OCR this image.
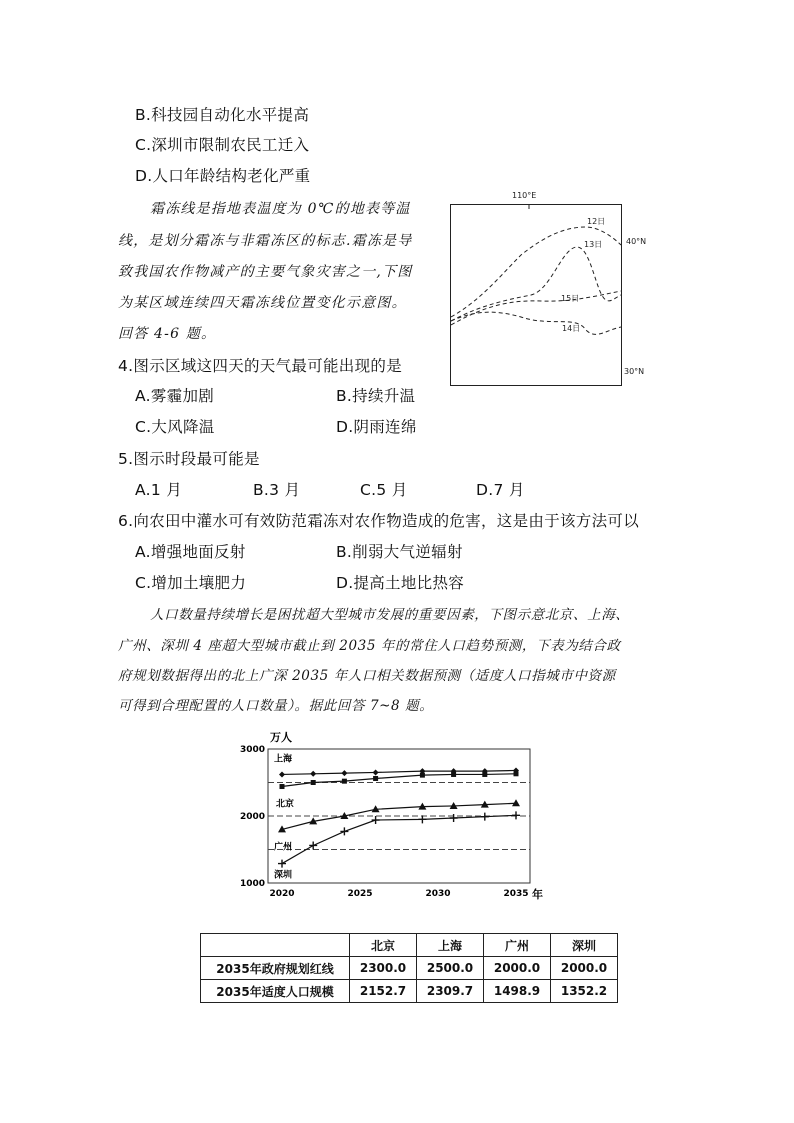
B.科技园自动化水平提高
C.深圳市限制农民工迁入
D.人口年龄结构老化严重
霜冻线是指地表温度为 0℃的地表等温
线，是划分霜冻与非霜冻区的标志.霜冻是导
致我国农作物减产的主要气象灾害之一,下图
为某区域连续四天霜冻线位置变化示意图。
回答 4-6 题。
110°E
12日
13日
15日
14日
40°N
30°N
4.图示区域这四天的天气最可能出现的是
A.雾霾加剧	B.持续升温
C.大风降温	D.阴雨连绵
5.图示时段最可能是
A.1 月	B.3 月	C.5 月	D.7 月
6.向农田中灌水可有效防范霜冻对农作物造成的危害，这是由于该方法可以
A.增强地面反射	B.削弱大气逆辐射
C.增加土壤肥力	D.提高土地比热容
人口数量持续增长是困扰超大型城市发展的重要因素，下图示意北京、上海、
广州、深圳 4 座超大型城市截止到 2035 年的常住人口趋势预测，下表为结合政
府规划数据得出的北上广深 2035 年人口相关数据预测（适度人口指城市中资源
可得到合理配置的人口数量）。据此回答 7~8 题。
万人
年
3000
2000
1000
2020	2025	2030	2035
上海
北京
广州
深圳
	北京	上海	广州	深圳
2035年政府规划红线	2300.0	2500.0	2000.0	2000.0
2035年适度人口规模	2152.7	2309.7	1498.9	1352.2
